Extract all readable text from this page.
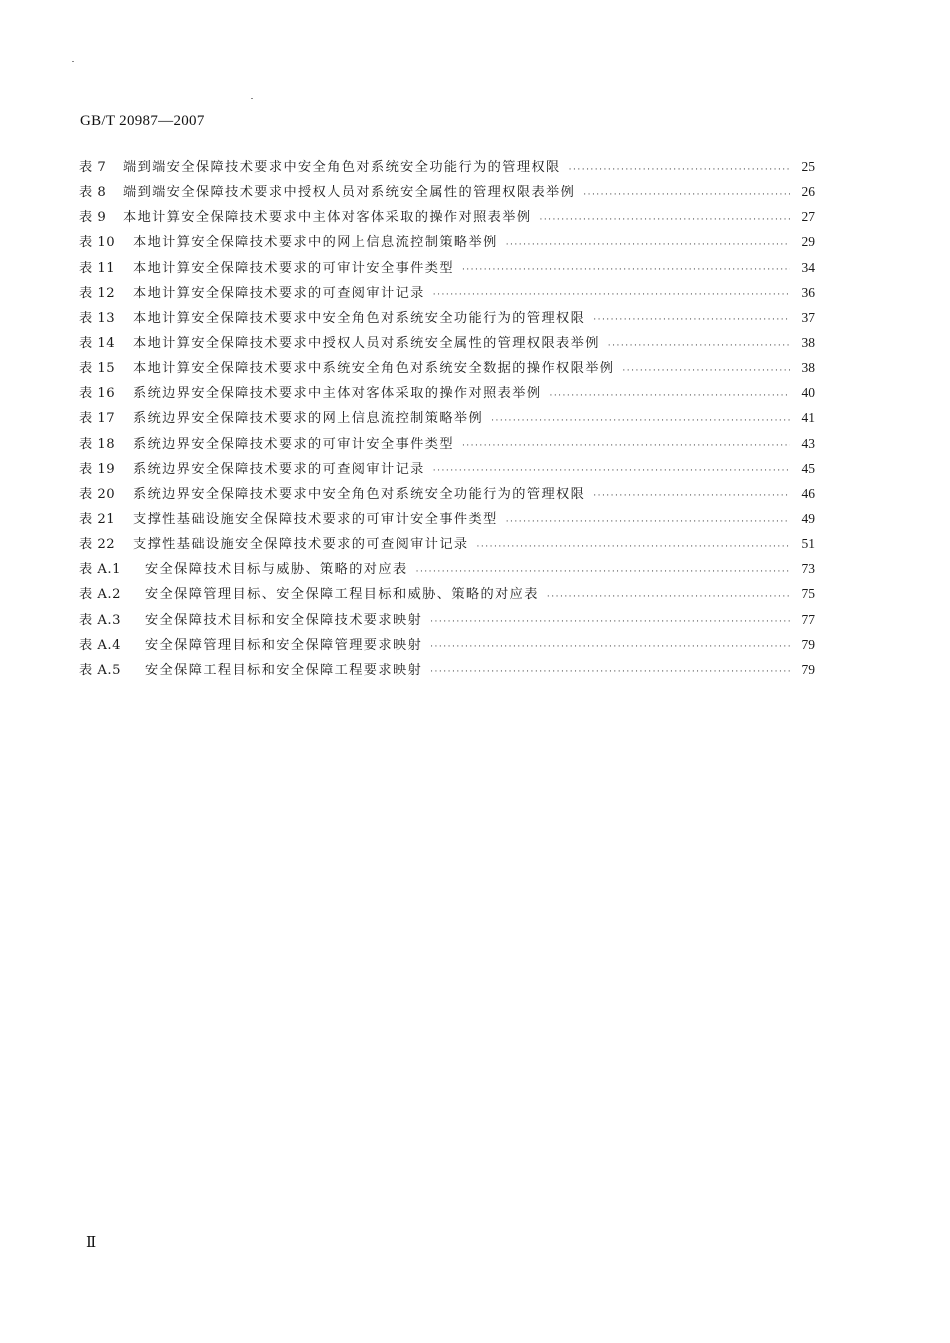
GB/T 20987—2007
表 7	端到端安全保障技术要求中安全角色对系统安全功能行为的管理权限 ·····	25
表 8	端到端安全保障技术要求中授权人员对系统安全属性的管理权限表举例 ·····	26
表 9	本地计算安全保障技术要求中主体对客体采取的操作对照表举例 ·····	27
表 10	本地计算安全保障技术要求中的网上信息流控制策略举例 ·····	29
表 11	本地计算安全保障技术要求的可审计安全事件类型 ·····	34
表 12	本地计算安全保障技术要求的可查阅审计记录 ·····	36
表 13	本地计算安全保障技术要求中安全角色对系统安全功能行为的管理权限 ·····	37
表 14	本地计算安全保障技术要求中授权人员对系统安全属性的管理权限表举例 ·····	38
表 15	本地计算安全保障技术要求中系统安全角色对系统安全数据的操作权限举例 ·····	38
表 16	系统边界安全保障技术要求中主体对客体采取的操作对照表举例 ·····	40
表 17	系统边界安全保障技术要求的网上信息流控制策略举例 ·····	41
表 18	系统边界安全保障技术要求的可审计安全事件类型 ·····	43
表 19	系统边界安全保障技术要求的可查阅审计记录 ·····	45
表 20	系统边界安全保障技术要求中安全角色对系统安全功能行为的管理权限 ·····	46
表 21	支撑性基础设施安全保障技术要求的可审计安全事件类型 ·····	49
表 22	支撑性基础设施安全保障技术要求的可查阅审计记录 ·····	51
表 A.1	安全保障技术目标与威胁、策略的对应表 ·····	73
表 A.2	安全保障管理目标、安全保障工程目标和威胁、策略的对应表 ·····	75
表 A.3	安全保障技术目标和安全保障技术要求映射 ·····	77
表 A.4	安全保障管理目标和安全保障管理要求映射 ·····	79
表 A.5	安全保障工程目标和安全保障工程要求映射 ·····	79
Ⅱ
